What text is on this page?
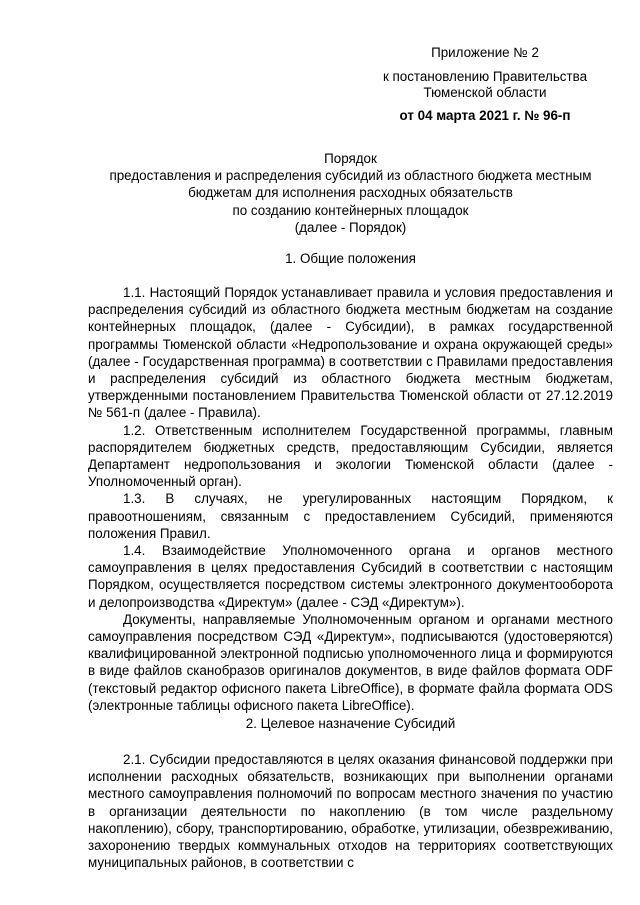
Приложение № 2
к постановлению Правительства
Тюменской области
от 04 марта 2021 г. № 96-п
Порядок
предоставления и распределения субсидий из областного бюджета местным
бюджетам для исполнения расходных обязательств
по созданию контейнерных площадок
(далее - Порядок)
1. Общие положения

1.1. Настоящий Порядок устанавливает правила и условия предоставления и распределения субсидий из областного бюджета местным бюджетам на создание контейнерных площадок, (далее - Субсидии), в рамках государственной программы Тюменской области «Недропользование и охрана окружающей среды» (далее - Государственная программа) в соответствии с Правилами предоставления и распределения субсидий из областного бюджета местным бюджетам, утвержденными постановлением Правительства Тюменской области от 27.12.2019 № 561-п (далее - Правила).

1.2. Ответственным исполнителем Государственной программы, главным распорядителем бюджетных средств, предоставляющим Субсидии, является Департамент недропользования и экологии Тюменской области (далее - Уполномоченный орган).

1.3. В случаях, не урегулированных настоящим Порядком, к правоотношениям, связанным с предоставлением Субсидий, применяются положения Правил.

1.4. Взаимодействие Уполномоченного органа и органов местного самоуправления в целях предоставления Субсидий в соответствии с настоящим Порядком, осуществляется посредством системы электронного документооборота и делопроизводства «Директум» (далее - СЭД «Директум»).

Документы, направляемые Уполномоченным органом и органами местного самоуправления посредством СЭД «Директум», подписываются (удостоверяются) квалифицированной электронной подписью уполномоченного лица и формируются в виде файлов сканобразов оригиналов документов, в виде файлов формата ODF (текстовый редактор офисного пакета LibreOffice), в формате файла формата ODS (электронные таблицы офисного пакета LibreOffice).

2. Целевое назначение Субсидий

2.1. Субсидии предоставляются в целях оказания финансовой поддержки при исполнении расходных обязательств, возникающих при выполнении органами местного самоуправления полномочий по вопросам местного значения по участию в организации деятельности по накоплению (в том числе раздельному накоплению), сбору, транспортированию, обработке, утилизации, обезвреживанию, захоронению твердых коммунальных отходов на территориях соответствующих муниципальных районов, в соответствии с
